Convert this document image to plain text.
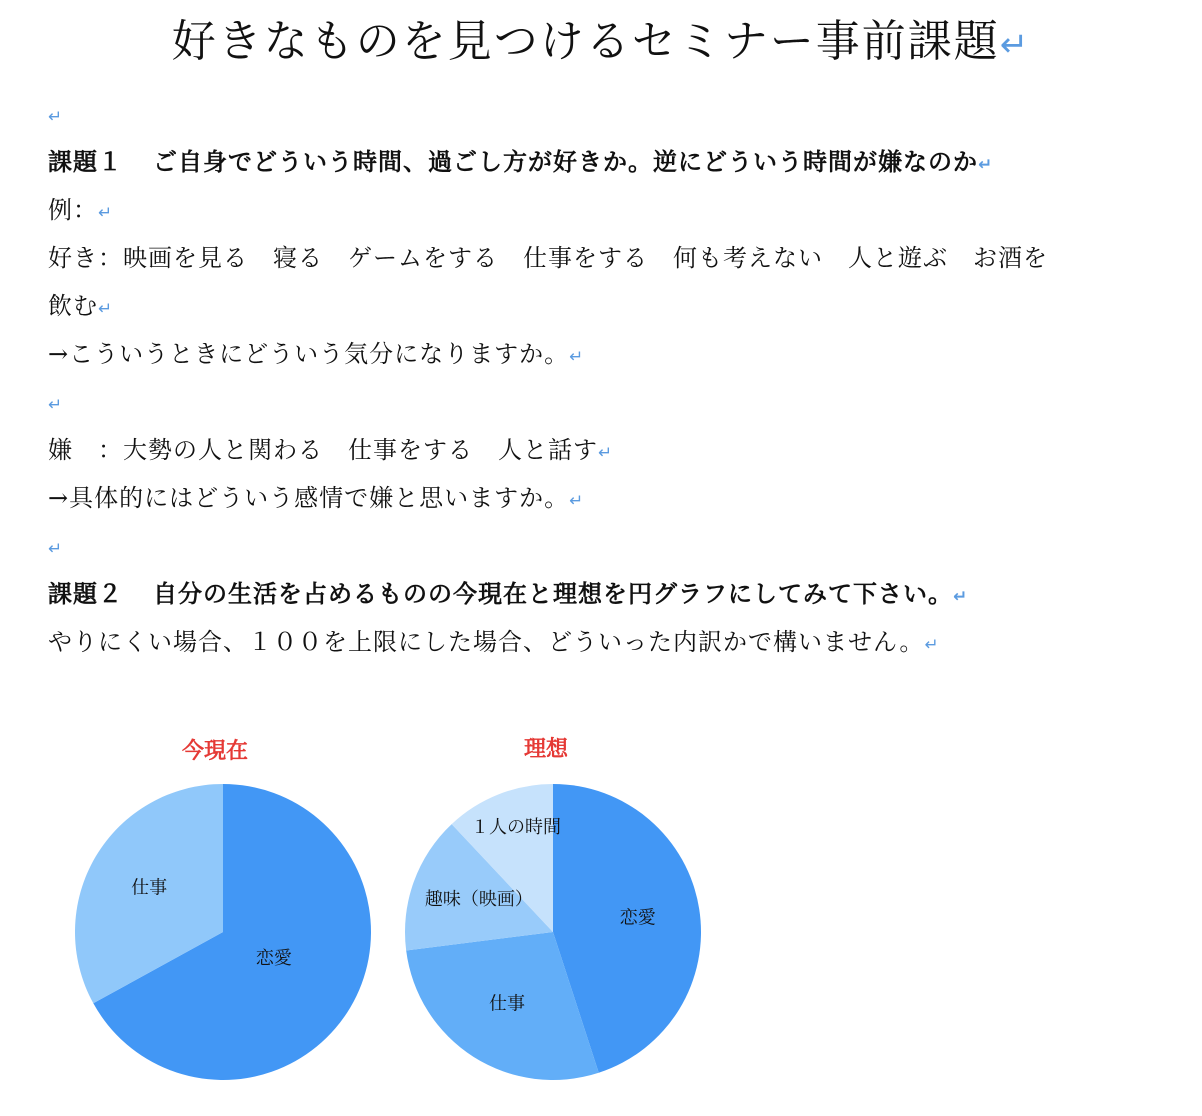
好きなものを見つけるセミナー事前課題↵
↵
課題１ ご自身でどういう時間、過ごし方が好きか。逆にどういう時間が嫌なのか↵
例：↵
好き：映画を見る　寝る　ゲームをする　仕事をする　何も考えない　人と遊ぶ　お酒を
飲む↵
→こういうときにどういう気分になりますか。↵
↵
嫌　：大勢の人と関わる　仕事をする　人と話す↵
→具体的にはどういう感情で嫌と思いますか。↵
↵
課題２ 自分の生活を占めるものの今現在と理想を円グラフにしてみて下さい。↵
やりにくい場合、１００を上限にした場合、どういった内訳かで構いません。↵
今現在	理想
恋愛
仕事
恋愛
仕事
趣味（映画）
１人の時間
